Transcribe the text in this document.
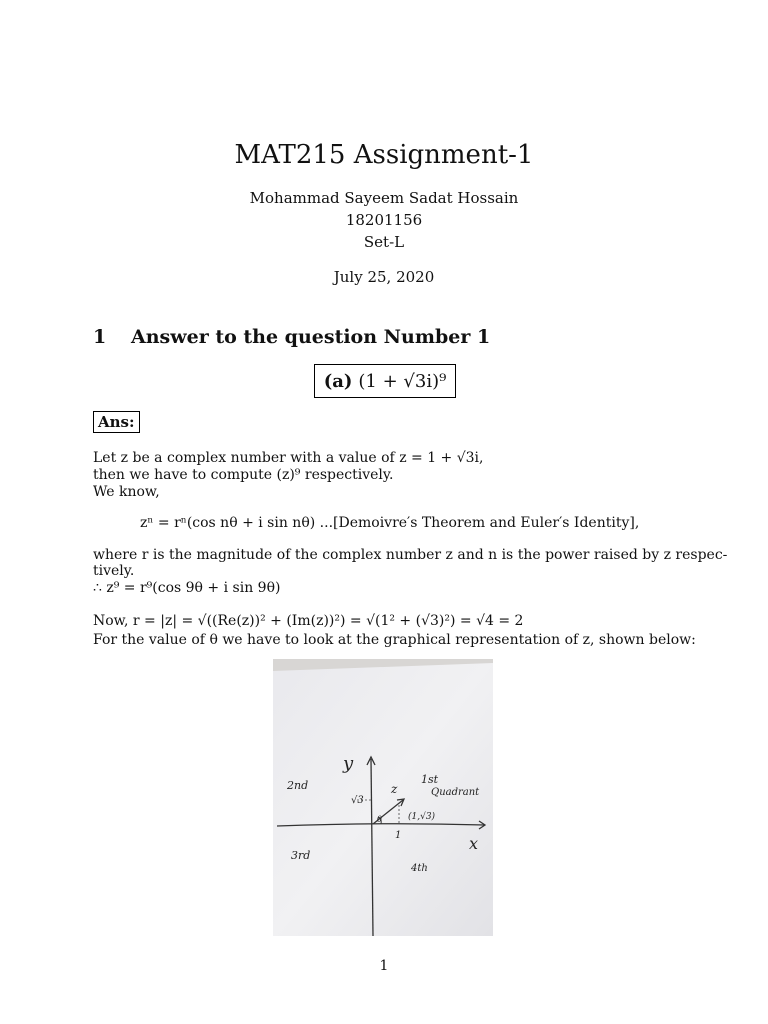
MAT215 Assignment-1
Mohammad Sayeem Sadat Hossain
18201156
Set-L
July 25, 2020
1 Answer to the question Number 1
(a) (1 + √3i)⁹
Ans:
Let z be a complex number with a value of z = 1 + √3i,
then we have to compute (z)⁹ respectively.
We know,
zⁿ = rⁿ(cos nθ + i sin nθ) ...[Demoivre′s Theorem and Euler′s Identity],
where r is the magnitude of the complex number z and n is the power raised by z respec-
tively.
∴ z⁹ = r⁹(cos 9θ + i sin 9θ)
Now, r = |z| = √((Re(z))² + (Im(z))²) = √(1² + (√3)²) = √4 = 2
For the value of θ we have to look at the graphical representation of z, shown below:
y
x
2nd	1st
Quadrant
3rd
4th
z
√3
(1,√3)
1
θ
1
